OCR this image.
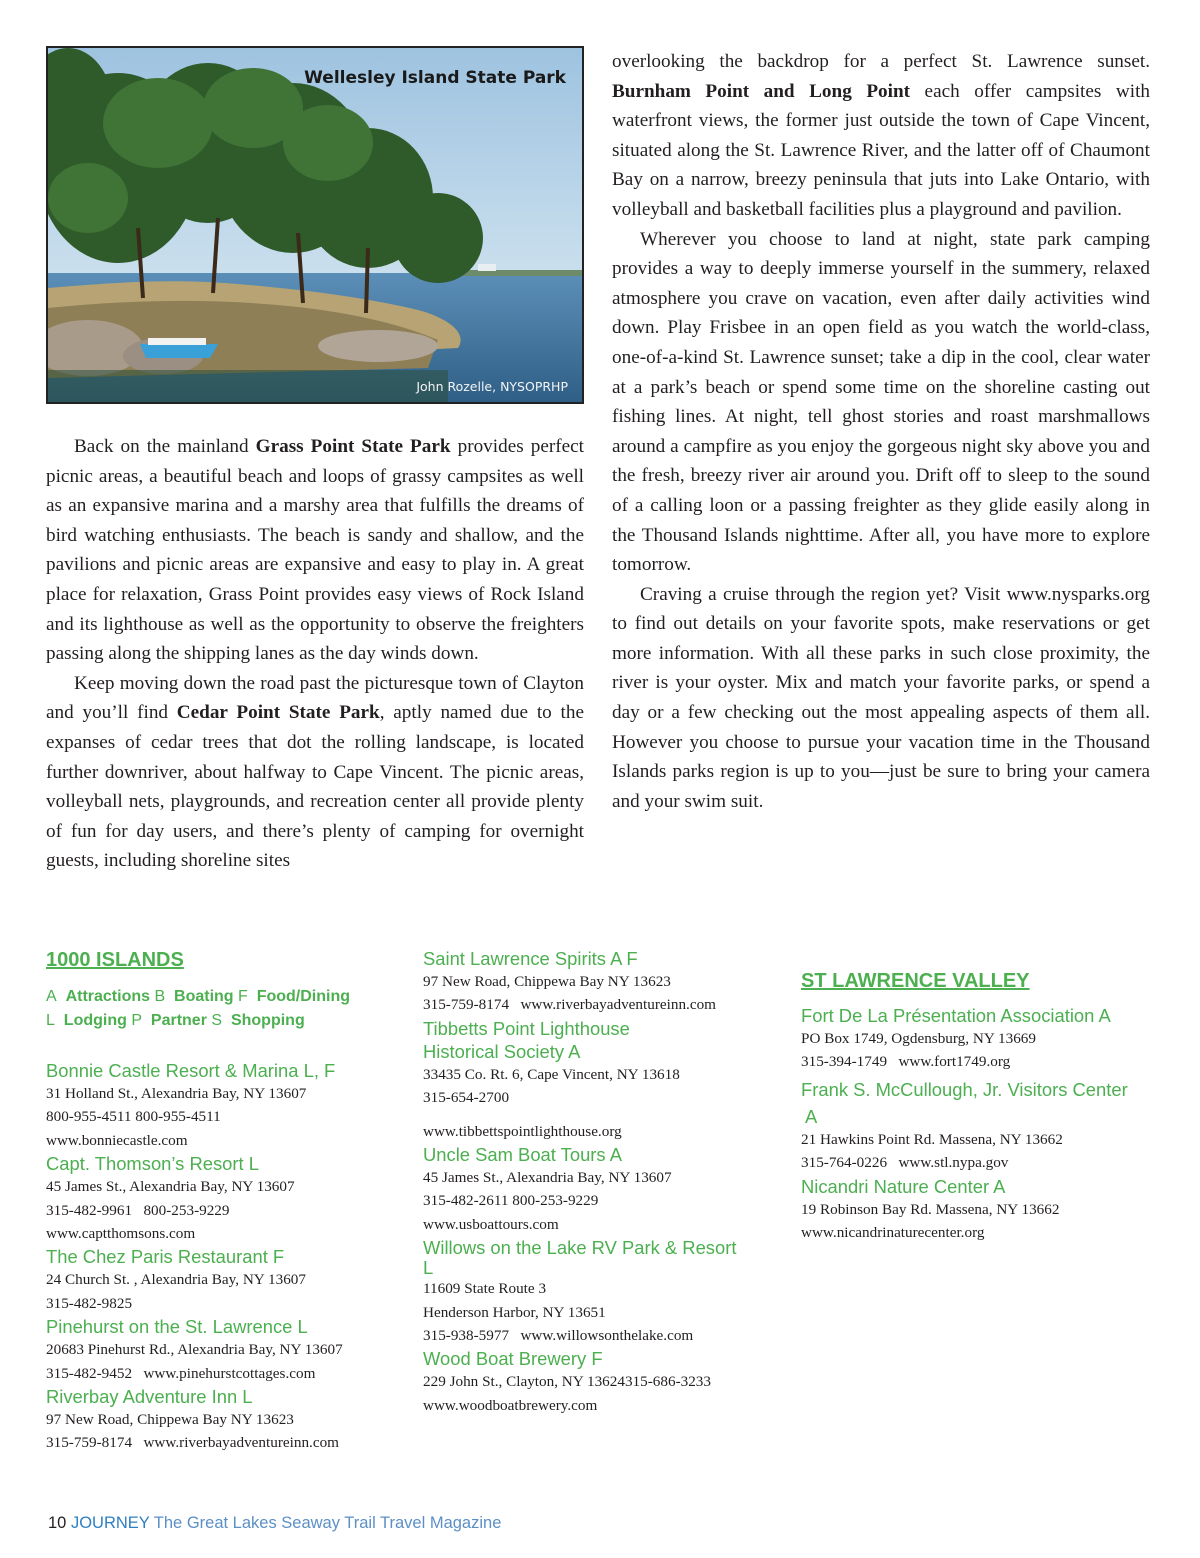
Wellesley Island State Park
John Rozelle, NYSOPRHP

Back on the mainland Grass Point State Park provides perfect picnic areas, a beautiful beach and loops of grassy campsites as well as an expansive marina and a marshy area that fulfills the dreams of bird watching enthusiasts. The beach is sandy and shallow, and the pavilions and picnic areas are expansive and easy to play in. A great place for relaxation, Grass Point provides easy views of Rock Island and its lighthouse as well as the opportunity to observe the freighters passing along the shipping lanes as the day winds down.

Keep moving down the road past the picturesque town of Clayton and you’ll find Cedar Point State Park, aptly named due to the expanses of cedar trees that dot the rolling landscape, is located further downriver, about halfway to Cape Vincent. The picnic areas, volleyball nets, playgrounds, and recreation center all provide plenty of fun for day users, and there’s plenty of camping for overnight guests, including shoreline sites

overlooking the backdrop for a perfect St. Lawrence sunset. Burnham Point and Long Point each offer campsites with waterfront views, the former just outside the town of Cape Vincent, situated along the St. Lawrence River, and the latter off of Chaumont Bay on a narrow, breezy peninsula that juts into Lake Ontario, with volleyball and basketball facilities plus a playground and pavilion.

Wherever you choose to land at night, state park camping provides a way to deeply immerse yourself in the summery, relaxed atmosphere you crave on vacation, even after daily activities wind down. Play Frisbee in an open field as you watch the world-class, one-of-a-kind St. Lawrence sunset; take a dip in the cool, clear water at a park’s beach or spend some time on the shoreline casting out fishing lines. At night, tell ghost stories and roast marshmallows around a campfire as you enjoy the gorgeous night sky above you and the fresh, breezy river air around you. Drift off to sleep to the sound of a calling loon or a passing freighter as they glide easily along in the Thousand Islands nighttime. After all, you have more to explore tomorrow.

Craving a cruise through the region yet? Visit www.nysparks.org to find out details on your favorite spots, make reservations or get more information. With all these parks in such close proximity, the river is your oyster. Mix and match your favorite parks, or spend a day or a few checking out the most appealing aspects of them all. However you choose to pursue your vacation time in the Thousand Islands parks region is up to you—just be sure to bring your camera and your swim suit.

1000 ISLANDS
A Attractions B Boating F Food/Dining
L Lodging P Partner S Shopping
Bonnie Castle Resort & Marina L, F
31 Holland St., Alexandria Bay, NY 13607
800-955-4511 800-955-4511
www.bonniecastle.com
Capt. Thomson’s Resort L
45 James St., Alexandria Bay, NY 13607
315-482-9961   800-253-9229
www.captthomsons.com
The Chez Paris Restaurant F
24 Church St. , Alexandria Bay, NY 13607
315-482-9825
Pinehurst on the St. Lawrence L
20683 Pinehurst Rd., Alexandria Bay, NY 13607
315-482-9452   www.pinehurstcottages.com
Riverbay Adventure Inn L
97 New Road, Chippewa Bay NY 13623
315-759-8174   www.riverbayadventureinn.com
Saint Lawrence Spirits A F
97 New Road, Chippewa Bay NY 13623
315-759-8174   www.riverbayadventureinn.com
Tibbetts Point Lighthouse
Historical Society A
33435 Co. Rt. 6, Cape Vincent, NY 13618
315-654-2700
www.tibbettspointlighthouse.org
Uncle Sam Boat Tours A
45 James St., Alexandria Bay, NY 13607
315-482-2611 800-253-9229
www.usboattours.com
Willows on the Lake RV Park & Resort
L
11609 State Route 3
Henderson Harbor, NY 13651
315-938-5977   www.willowsonthelake.com
Wood Boat Brewery F
229 John St., Clayton, NY 13624315-686-3233
www.woodboatbrewery.com
ST LAWRENCE VALLEY
Fort De La Présentation Association A
PO Box 1749, Ogdensburg, NY 13669
315-394-1749   www.fort1749.org
Frank S. McCullough, Jr. Visitors Center
A
21 Hawkins Point Rd. Massena, NY 13662
315-764-0226   www.stl.nypa.gov
Nicandri Nature Center A
19 Robinson Bay Rd. Massena, NY 13662
www.nicandrinaturecenter.org
10 JOURNEY The Great Lakes Seaway Trail Travel Magazine
